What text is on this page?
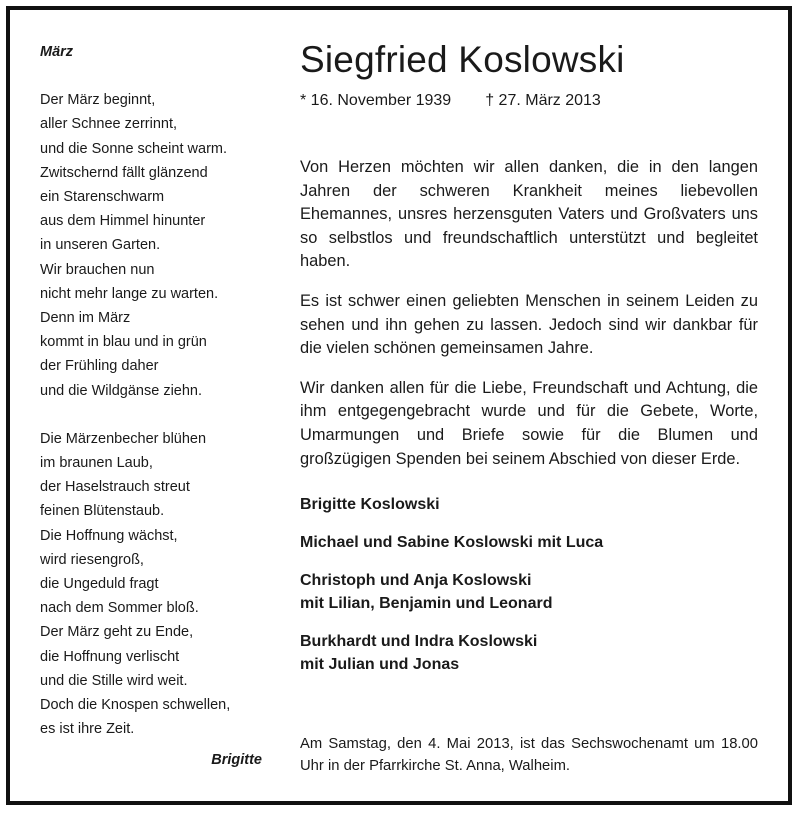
März
Der März beginnt,
aller Schnee zerrinnt,
und die Sonne scheint warm.
Zwitschernd fällt glänzend
ein Starenschwarm
aus dem Himmel hinunter
in unseren Garten.
Wir brauchen nun
nicht mehr lange zu warten.
Denn im März
kommt in blau und in grün
der Frühling daher
und die Wildgänse ziehn.
Die Märzenbecher blühen
im braunen Laub,
der Haselstrauch streut
feinen Blütenstaub.
Die Hoffnung wächst,
wird riesengroß,
die Ungeduld fragt
nach dem Sommer bloß.
Der März geht zu Ende,
die Hoffnung verlischt
und die Stille wird weit.
Doch die Knospen schwellen,
es ist ihre Zeit.
Brigitte
Siegfried Koslowski
* 16. November 1939 † 27. März 2013

Von Herzen möchten wir allen danken, die in den langen Jahren der schweren Krankheit meines liebevollen Ehemannes, unsres herzensguten Vaters und Großvaters uns so selbstlos und freundschaftlich unterstützt und begleitet haben.

Es ist schwer einen geliebten Menschen in seinem Leiden zu sehen und ihn gehen zu lassen. Jedoch sind wir dankbar für die vielen schönen gemeinsamen Jahre.

Wir danken allen für die Liebe, Freundschaft und Achtung, die ihm entgegengebracht wurde und für die Gebete, Worte, Umarmungen und Briefe sowie für die Blumen und großzügigen Spenden bei seinem Abschied von dieser Erde.

Brigitte Koslowski
Michael und Sabine Koslowski mit Luca
Christoph und Anja Koslowski
mit Lilian, Benjamin und Leonard
Burkhardt und Indra Koslowski
mit Julian und Jonas
Am Samstag, den 4. Mai 2013, ist das Sechswochenamt um 18.00 Uhr in der Pfarrkirche St. Anna, Walheim.
